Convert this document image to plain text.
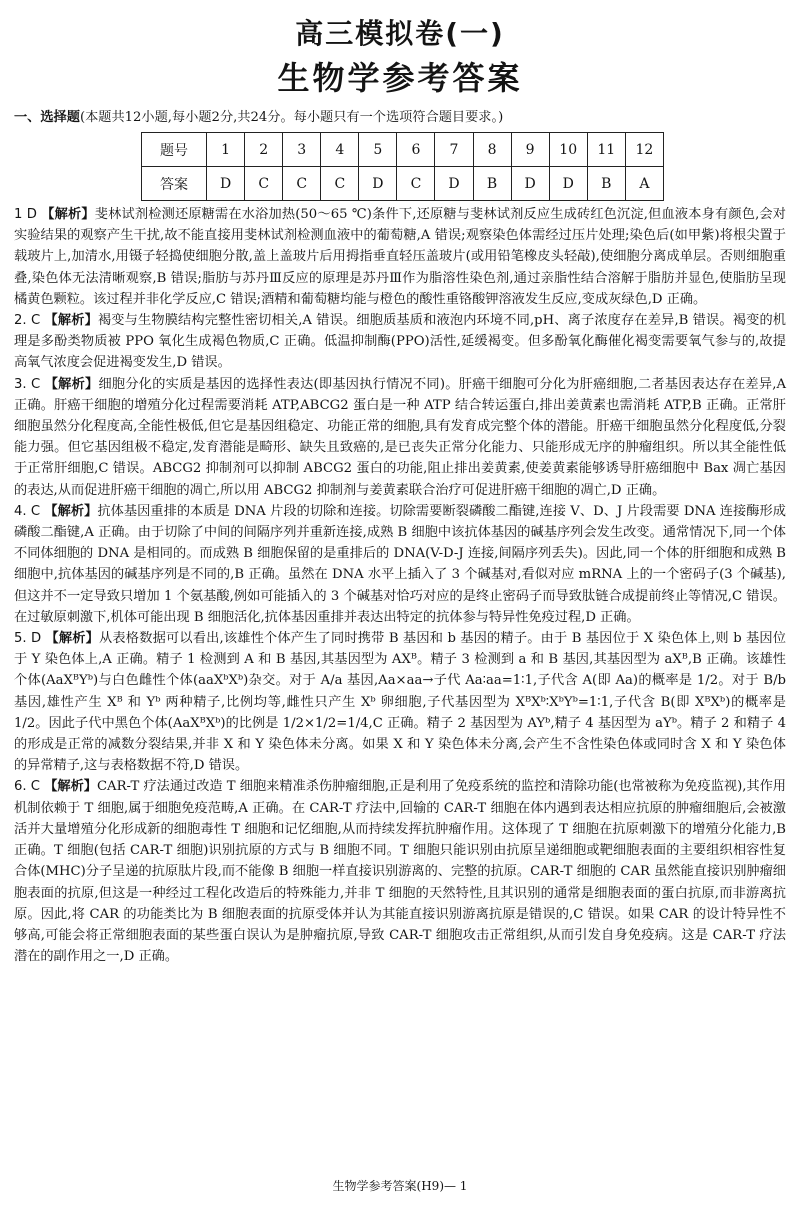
高三模拟卷(一)
生物学参考答案
一、选择题(本题共12小题,每小题2分,共24分。每小题只有一个选项符合题目要求。)
题号	1	2	3	4	5	6	7	8	9	10	11	12
答案	D	C	C	C	D	C	D	B	D	D	B	A
1 D 【解析】斐林试剂检测还原糖需在水浴加热(50～65 ℃)条件下,还原糖与斐林试剂反应生成砖红色沉淀,但血液本身有颜色,会对实验结果的观察产生干扰,故不能直接用斐林试剂检测血液中的葡萄糖,A 错误;观察染色体需经过压片处理;染色后(如甲紫)将根尖置于载玻片上,加清水,用镊子轻捣使细胞分散,盖上盖玻片后用拇指垂直轻压盖玻片(或用铅笔橡皮头轻敲),使细胞分离成单层。否则细胞重叠,染色体无法清晰观察,B 错误;脂肪与苏丹Ⅲ反应的原理是苏丹Ⅲ作为脂溶性染色剂,通过亲脂性结合溶解于脂肪并显色,使脂肪呈现橘黄色颗粒。该过程并非化学反应,C 错误;酒精和葡萄糖均能与橙色的酸性重铬酸钾溶液发生反应,变成灰绿色,D 正确。
2. C 【解析】褐变与生物膜结构完整性密切相关,A 错误。细胞质基质和液泡内环境不同,pH、离子浓度存在差异,B 错误。褐变的机理是多酚类物质被 PPO 氧化生成褐色物质,C 正确。低温抑制酶(PPO)活性,延缓褐变。但多酚氧化酶催化褐变需要氧气参与的,故提高氧气浓度会促进褐变发生,D 错误。
3. C 【解析】细胞分化的实质是基因的选择性表达(即基因执行情况不同)。肝癌干细胞可分化为肝癌细胞,二者基因表达存在差异,A 正确。肝癌干细胞的增殖分化过程需要消耗 ATP,ABCG2 蛋白是一种 ATP 结合转运蛋白,排出姜黄素也需消耗 ATP,B 正确。正常肝细胞虽然分化程度高,全能性极低,但它是基因组稳定、功能正常的细胞,具有发育成完整个体的潜能。肝癌干细胞虽然分化程度低,分裂能力强。但它基因组极不稳定,发育潜能是畸形、缺失且致癌的,是已丧失正常分化能力、只能形成无序的肿瘤组织。所以其全能性低于正常肝细胞,C 错误。ABCG2 抑制剂可以抑制 ABCG2 蛋白的功能,阻止排出姜黄素,使姜黄素能够诱导肝癌细胞中 Bax 凋亡基因的表达,从而促进肝癌干细胞的凋亡,所以用 ABCG2 抑制剂与姜黄素联合治疗可促进肝癌干细胞的凋亡,D 正确。
4. C 【解析】抗体基因重排的本质是 DNA 片段的切除和连接。切除需要断裂磷酸二酯键,连接 V、D、J 片段需要 DNA 连接酶形成磷酸二酯键,A 正确。由于切除了中间的间隔序列并重新连接,成熟 B 细胞中该抗体基因的碱基序列会发生改变。通常情况下,同一个体不同体细胞的 DNA 是相同的。而成熟 B 细胞保留的是重排后的 DNA(V-D-J 连接,间隔序列丢失)。因此,同一个体的肝细胞和成熟 B 细胞中,抗体基因的碱基序列是不同的,B 正确。虽然在 DNA 水平上插入了 3 个碱基对,看似对应 mRNA 上的一个密码子(3 个碱基),但这并不一定导致只增加 1 个氨基酸,例如可能插入的 3 个碱基对恰巧对应的是终止密码子而导致肽链合成提前终止等情况,C 错误。在过敏原刺激下,机体可能出现 B 细胞活化,抗体基因重排并表达出特定的抗体参与特异性免疫过程,D 正确。
5. D 【解析】从表格数据可以看出,该雄性个体产生了同时携带 B 基因和 b 基因的精子。由于 B 基因位于 X 染色体上,则 b 基因位于 Y 染色体上,A 正确。精子 1 检测到 A 和 B 基因,其基因型为 AXᴮ。精子 3 检测到 a 和 B 基因,其基因型为 aXᴮ,B 正确。该雄性个体(AaXᴮYᵇ)与白色雌性个体(aaXᵇXᵇ)杂交。对于 A/a 基因,Aa×aa→子代 Aa∶aa=1∶1,子代含 A(即 Aa)的概率是 1/2。对于 B/b 基因,雄性产生 Xᴮ 和 Yᵇ 两种精子,比例均等,雌性只产生 Xᵇ 卵细胞,子代基因型为 XᴮXᵇ∶XᵇYᵇ=1∶1,子代含 B(即 XᴮXᵇ)的概率是 1/2。因此子代中黑色个体(AaXᴮXᵇ)的比例是 1/2×1/2=1/4,C 正确。精子 2 基因型为 AYᵇ,精子 4 基因型为 aYᵇ。精子 2 和精子 4 的形成是正常的减数分裂结果,并非 X 和 Y 染色体未分离。如果 X 和 Y 染色体未分离,会产生不含性染色体或同时含 X 和 Y 染色体的异常精子,这与表格数据不符,D 错误。
6. C 【解析】CAR-T 疗法通过改造 T 细胞来精准杀伤肿瘤细胞,正是利用了免疫系统的监控和清除功能(也常被称为免疫监视),其作用机制依赖于 T 细胞,属于细胞免疫范畴,A 正确。在 CAR-T 疗法中,回输的 CAR-T 细胞在体内遇到表达相应抗原的肿瘤细胞后,会被激活并大量增殖分化形成新的细胞毒性 T 细胞和记忆细胞,从而持续发挥抗肿瘤作用。这体现了 T 细胞在抗原刺激下的增殖分化能力,B 正确。T 细胞(包括 CAR-T 细胞)识别抗原的方式与 B 细胞不同。T 细胞只能识别由抗原呈递细胞或靶细胞表面的主要组织相容性复合体(MHC)分子呈递的抗原肽片段,而不能像 B 细胞一样直接识别游离的、完整的抗原。CAR-T 细胞的 CAR 虽然能直接识别肿瘤细胞表面的抗原,但这是一种经过工程化改造后的特殊能力,并非 T 细胞的天然特性,且其识别的通常是细胞表面的蛋白抗原,而非游离抗原。因此,将 CAR 的功能类比为 B 细胞表面的抗原受体并认为其能直接识别游离抗原是错误的,C 错误。如果 CAR 的设计特异性不够高,可能会将正常细胞表面的某些蛋白误认为是肿瘤抗原,导致 CAR-T 细胞攻击正常组织,从而引发自身免疫病。这是 CAR-T 疗法潜在的副作用之一,D 正确。
生物学参考答案(H9)— 1
